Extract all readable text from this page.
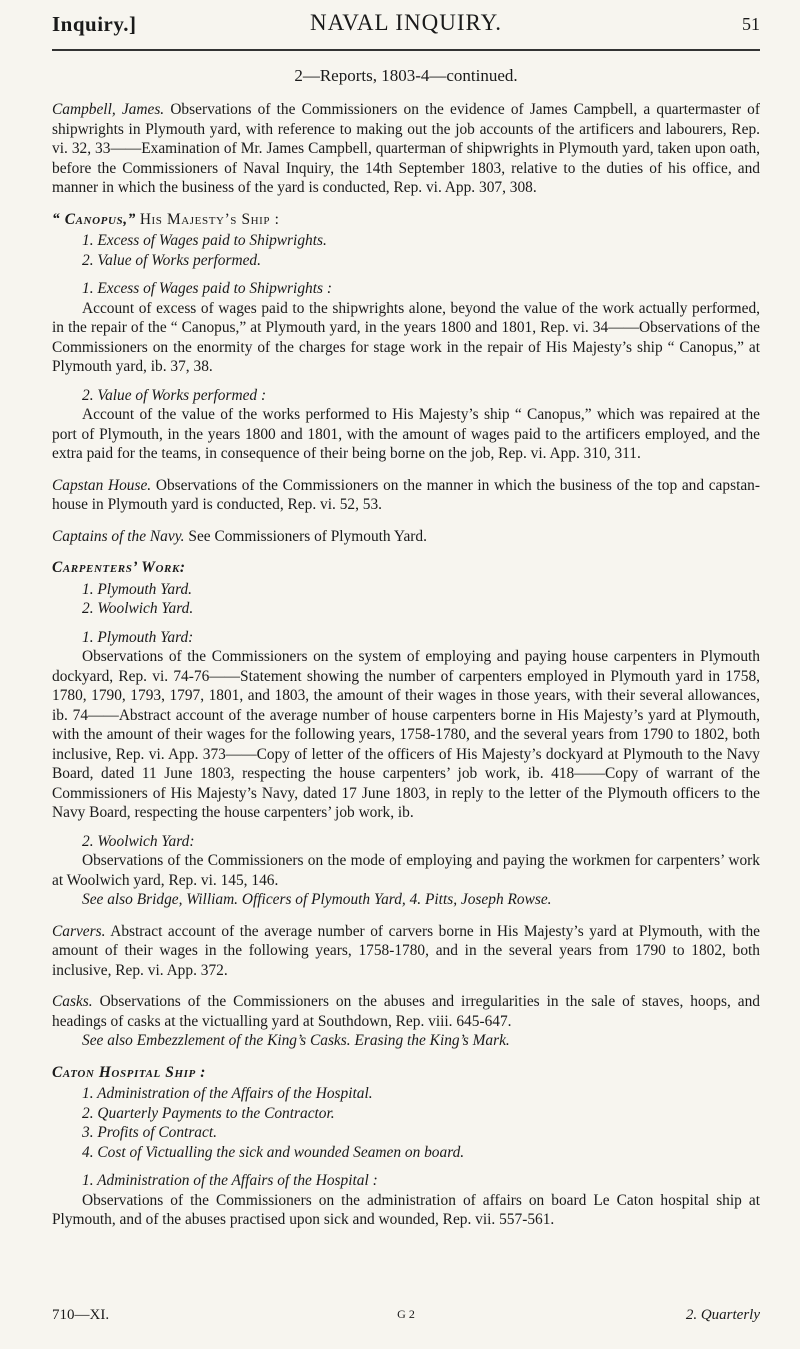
Inquiry.]	NAVAL INQUIRY.	51
2—Reports, 1803-4—continued.

Campbell, James. Observations of the Commissioners on the evidence of James Campbell, a quartermaster of shipwrights in Plymouth yard, with reference to making out the job accounts of the artificers and labourers, Rep. vi. 32, 33——Examination of Mr. James Campbell, quarterman of shipwrights in Plymouth yard, taken upon oath, before the Commissioners of Naval Inquiry, the 14th September 1803, relative to the duties of his office, and manner in which the business of the yard is conducted, Rep. vi. App. 307, 308.

“ Canopus,” His Majesty’s Ship :

1. Excess of Wages paid to Shipwrights.
2. Value of Works performed.

1. Excess of Wages paid to Shipwrights :

Account of excess of wages paid to the shipwrights alone, beyond the value of the work actually performed, in the repair of the “ Canopus,” at Plymouth yard, in the years 1800 and 1801, Rep. vi. 34——Observations of the Commissioners on the enormity of the charges for stage work in the repair of His Majesty’s ship “ Canopus,” at Plymouth yard, ib. 37, 38.

2. Value of Works performed :

Account of the value of the works performed to His Majesty’s ship “ Canopus,” which was repaired at the port of Plymouth, in the years 1800 and 1801, with the amount of wages paid to the artificers employed, and the extra paid for the teams, in consequence of their being borne on the job, Rep. vi. App. 310, 311.

Capstan House. Observations of the Commissioners on the manner in which the business of the top and capstan-house in Plymouth yard is conducted, Rep. vi. 52, 53.

Captains of the Navy. See Commissioners of Plymouth Yard.

Carpenters’ Work:

1. Plymouth Yard.
2. Woolwich Yard.

1. Plymouth Yard:

Observations of the Commissioners on the system of employing and paying house carpenters in Plymouth dockyard, Rep. vi. 74-76——Statement showing the number of carpenters employed in Plymouth yard in 1758, 1780, 1790, 1793, 1797, 1801, and 1803, the amount of their wages in those years, with their several allowances, ib. 74——Abstract account of the average number of house carpenters borne in His Majesty’s yard at Plymouth, with the amount of their wages for the following years, 1758-1780, and the several years from 1790 to 1802, both inclusive, Rep. vi. App. 373——Copy of letter of the officers of His Majesty’s dockyard at Plymouth to the Navy Board, dated 11 June 1803, respecting the house carpenters’ job work, ib. 418——Copy of warrant of the Commissioners of His Majesty’s Navy, dated 17 June 1803, in reply to the letter of the Plymouth officers to the Navy Board, respecting the house carpenters’ job work, ib.

2. Woolwich Yard:

Observations of the Commissioners on the mode of employing and paying the workmen for carpenters’ work at Woolwich yard, Rep. vi. 145, 146.

See also Bridge, William. Officers of Plymouth Yard, 4. Pitts, Joseph Rowse.

Carvers. Abstract account of the average number of carvers borne in His Majesty’s yard at Plymouth, with the amount of their wages in the following years, 1758-1780, and in the several years from 1790 to 1802, both inclusive, Rep. vi. App. 372.

Casks. Observations of the Commissioners on the abuses and irregularities in the sale of staves, hoops, and headings of casks at the victualling yard at Southdown, Rep. viii. 645-647.

See also Embezzlement of the King’s Casks. Erasing the King’s Mark.

Caton Hospital Ship :

1. Administration of the Affairs of the Hospital.
2. Quarterly Payments to the Contractor.
3. Profits of Contract.
4. Cost of Victualling the sick and wounded Seamen on board.

1. Administration of the Affairs of the Hospital :

Observations of the Commissioners on the administration of affairs on board Le Caton hospital ship at Plymouth, and of the abuses practised upon sick and wounded, Rep. vii. 557-561.

710—XI.	G 2	2. Quarterly
